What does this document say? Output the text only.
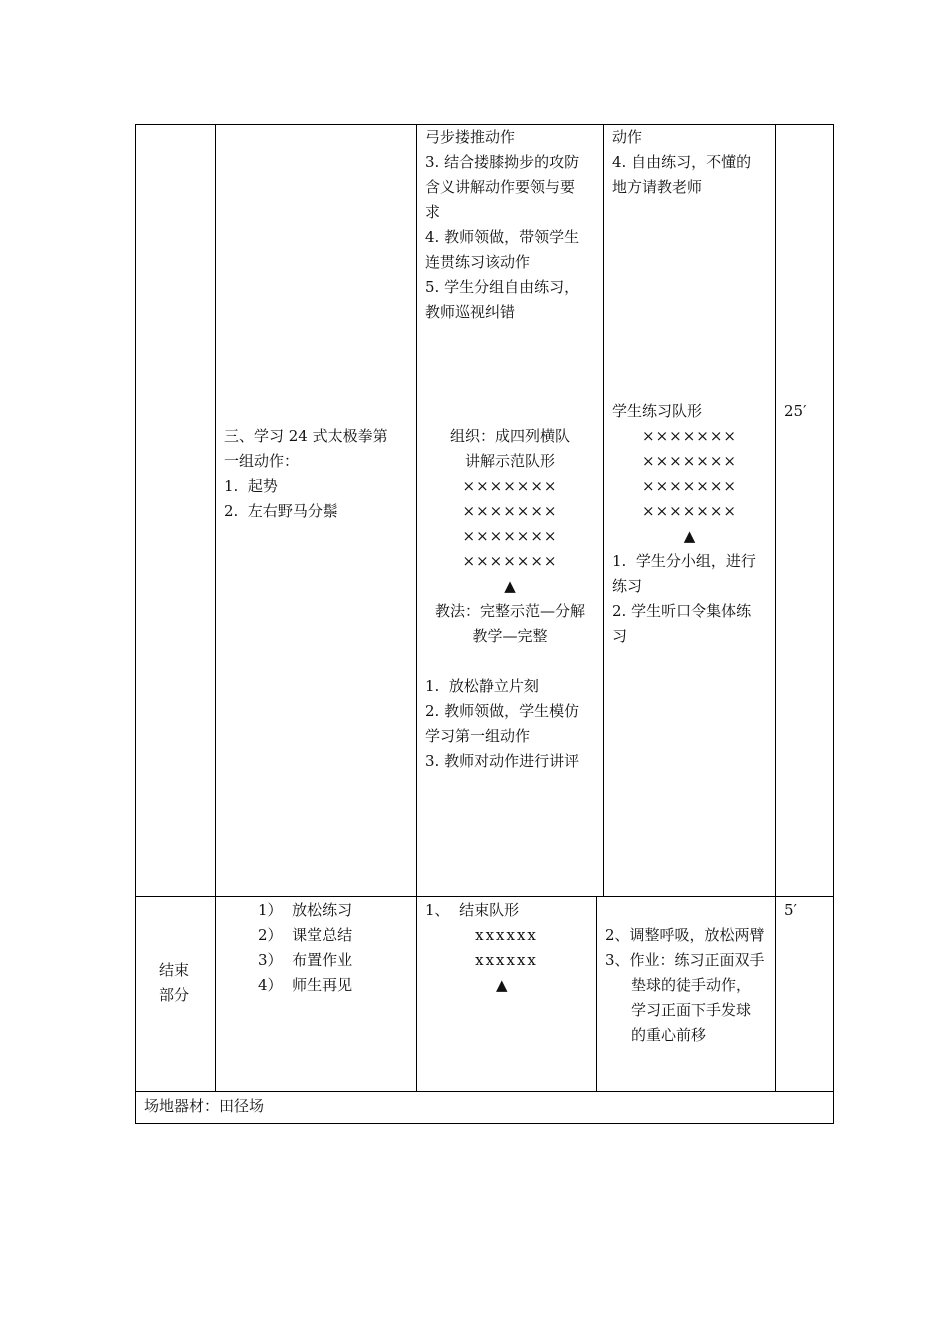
弓步搂推动作
3. 结合搂膝拗步的攻防
含义讲解动作要领与要
求
4. 教师领做，带领学生
连贯练习该动作
5. 学生分组自由练习，
教师巡视纠错
动作
4. 自由练习，不懂的
地方请教老师
三、学习 24 式太极拳第
一组动作：
1.  起势
2.  左右野马分鬃
组织：成四列横队
讲解示范队形
×××××××
×××××××
×××××××
×××××××
▲
教法：完整示范—分解
教学—完整
1.  放松静立片刻
2. 教师领做，学生模仿
学习第一组动作
3. 教师对动作进行讲评
学生练习队形
×××××××
×××××××
×××××××
×××××××
▲
1.  学生分小组，进行
练习
2. 学生听口令集体练
习
25′
结束
部分
1）  放松练习
2）  课堂总结
3）  布置作业
4）  师生再见
1、  结束队形
xxxxxx
xxxxxx
▲
2、调整呼吸，放松两臂
3、作业：练习正面双手
垫球的徒手动作，
学习正面下手发球
的重心前移
5′
场地器材：田径场
